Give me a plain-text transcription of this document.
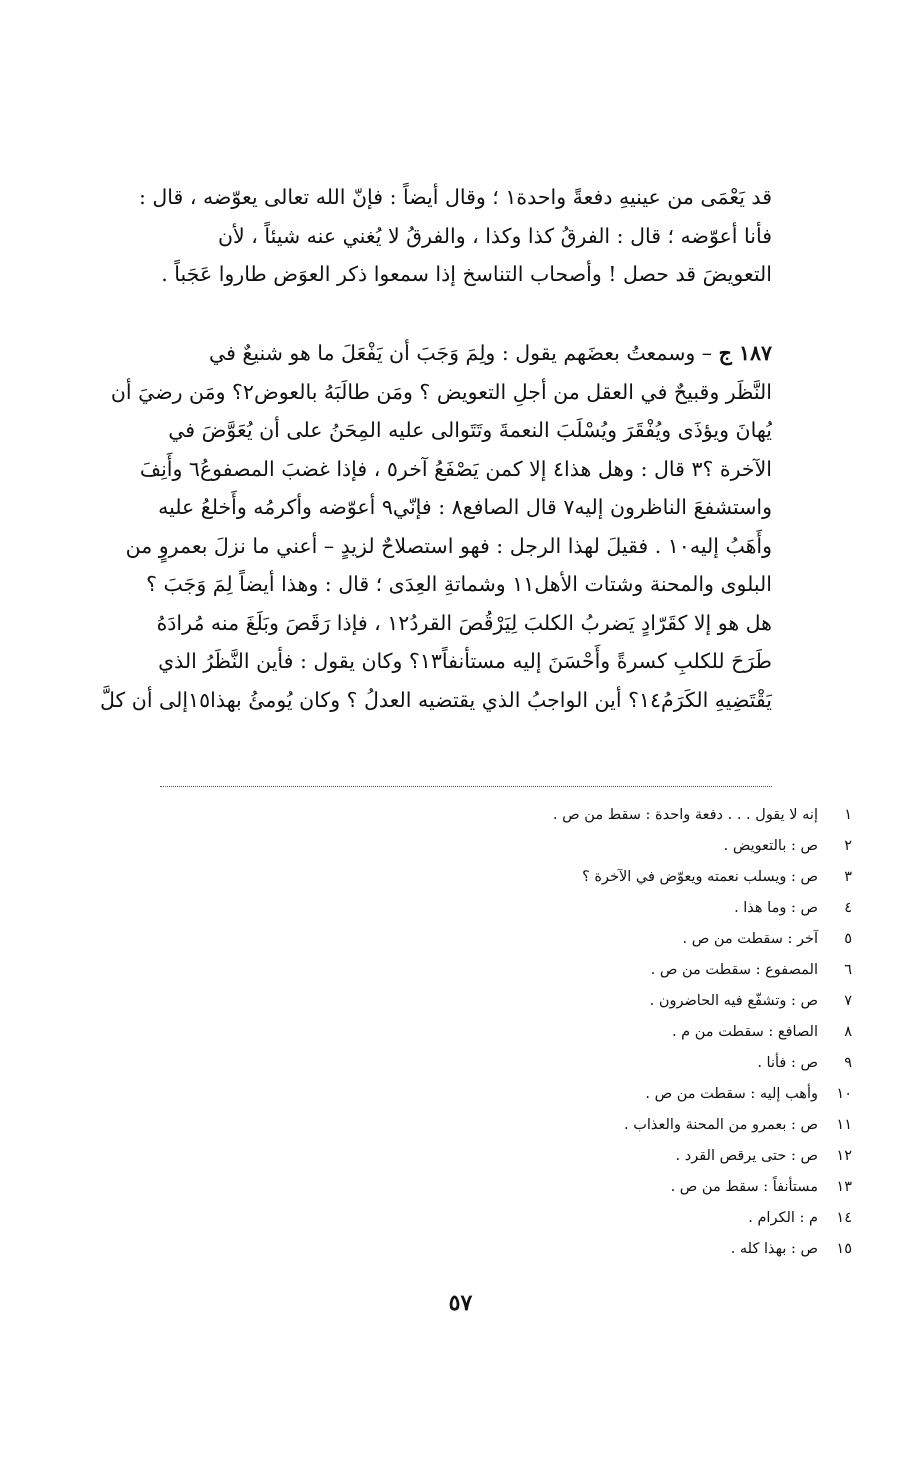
قد يَعْمَى من عينيهِ دفعةً واحدة١ ؛ وقال أيضاً : فإنّ الله تعالى يعوّضه ، قال :
فأنا أعوّضه ؛ قال : الفرقُ كذا وكذا ، والفرقُ لا يُغني عنه شيئاً ، لأن
التعويضَ قد حصل ! وأصحاب التناسخ إذا سمعوا ذكر العوَض طاروا عَجَباً .
١٨٧ ج – وسمعتُ بعضَهم يقول : ولِمَ وَجَبَ أن يَفْعَلَ ما هو شنيعٌ في
النَّظَر وقبيحٌ في العقل من أجلِ التعويض ؟ ومَن طالَبَهُ بالعوض٢؟ ومَن رضيَ أن
يُهانَ ويؤذَى ويُفْقَرَ ويُسْلَبَ النعمةَ وتَتَوالى عليه المِحَنُ على أن يُعَوَّضَ في
الآخرة ؟٣ قال : وهل هذا٤ إلا كمن يَصْفَعُ آخر٥ ، فإذا غضبَ المصفوعُ٦ وأَنِفَ
واستشفعَ الناظرون إليه٧ قال الصافع٨ : فإنّي٩ أعوّضه وأكرمُه وأَخلعُ عليه
وأَهَبُ إليه١٠ . فقيلَ لهذا الرجل : فهو استصلاحٌ لزيدٍ – أعني ما نزلَ بعمروٍ من
البلوى والمحنة وشتات الأهل١١ وشماتةِ العِدَى ؛ قال : وهذا أيضاً لِمَ وَجَبَ ؟
هل هو إلا كقَرّادٍ يَضربُ الكلبَ لِيَرْقُصَ القردُ١٢ ، فإذا رَقَصَ وبَلَغَ منه مُرادَهُ
طَرَحَ للكلبِ كسرةً وأَحْسَنَ إليه مستأنفاً١٣؟ وكان يقول : فأين النَّظَرُ الذي
يَقْتَضِيهِ الكَرَمُ١٤؟ أين الواجبُ الذي يقتضيه العدلُ ؟ وكان يُومئُ بهذا١٥إلى أن كلَّ
١
إنه لا يقول . . . دفعة واحدة : سقط من ص .
٢
ص : بالتعويض .
٣
ص : ويسلب نعمته ويعوّض في الآخرة ؟
٤
ص : وما هذا .
٥
آخر : سقطت من ص .
٦
المصفوع : سقطت من ص .
٧
ص : وتشفّع فيه الحاضرون .
٨
الصافع : سقطت من م .
٩
ص : فأنا .
١٠
وأهب إليه : سقطت من ص .
١١
ص : بعمرو من المحنة والعذاب .
١٢
ص : حتى يرقص القرد .
١٣
مستأنفاً : سقط من ص .
١٤
م : الكرام .
١٥
ص : بهذا كله .
٥٧
